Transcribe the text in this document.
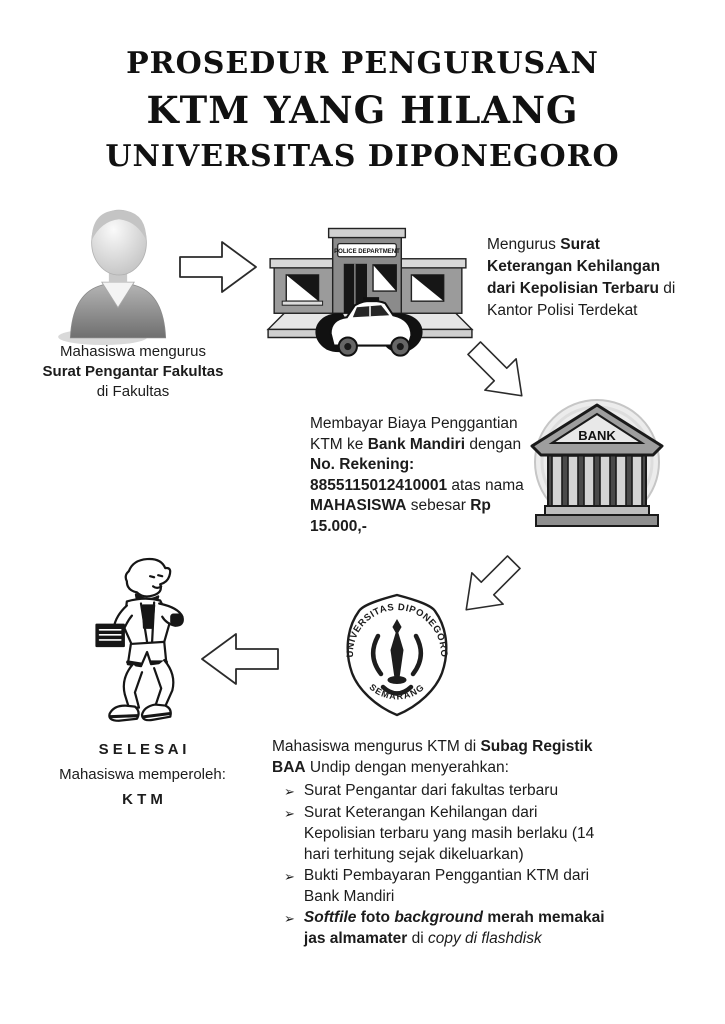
PROSEDUR PENGURUSAN
KTM YANG HILANG
UNIVERSITAS DIPONEGORO
POLICE DEPARTMENT	Mengurus Surat Keterangan Kehilangan dari Kepolisian Terbaru di Kantor Polisi Terdekat
Mahasiswa mengurus
Surat Pengantar Fakultas
di Fakultas
Membayar Biaya Penggantian KTM ke Bank Mandiri dengan No. Rekening: 8855115012410001 atas nama MAHASISWA sebesar Rp 15.000,-
BANK
UNIVERSITAS DIPONEGORO
SEMARANG
S E L E S A I
Mahasiswa memperoleh:
K T M

Mahasiswa mengurus KTM di Subag Registik BAA Undip dengan menyerahkan:

➢ Surat Pengantar dari fakultas terbaru
➢ Surat Keterangan Kehilangan dari Kepolisian terbaru yang masih berlaku (14 hari terhitung sejak dikeluarkan)
➢ Bukti Pembayaran Penggantian KTM dari Bank Mandiri
➢ Softfile foto background merah memakai jas almamater di copy di flashdisk
